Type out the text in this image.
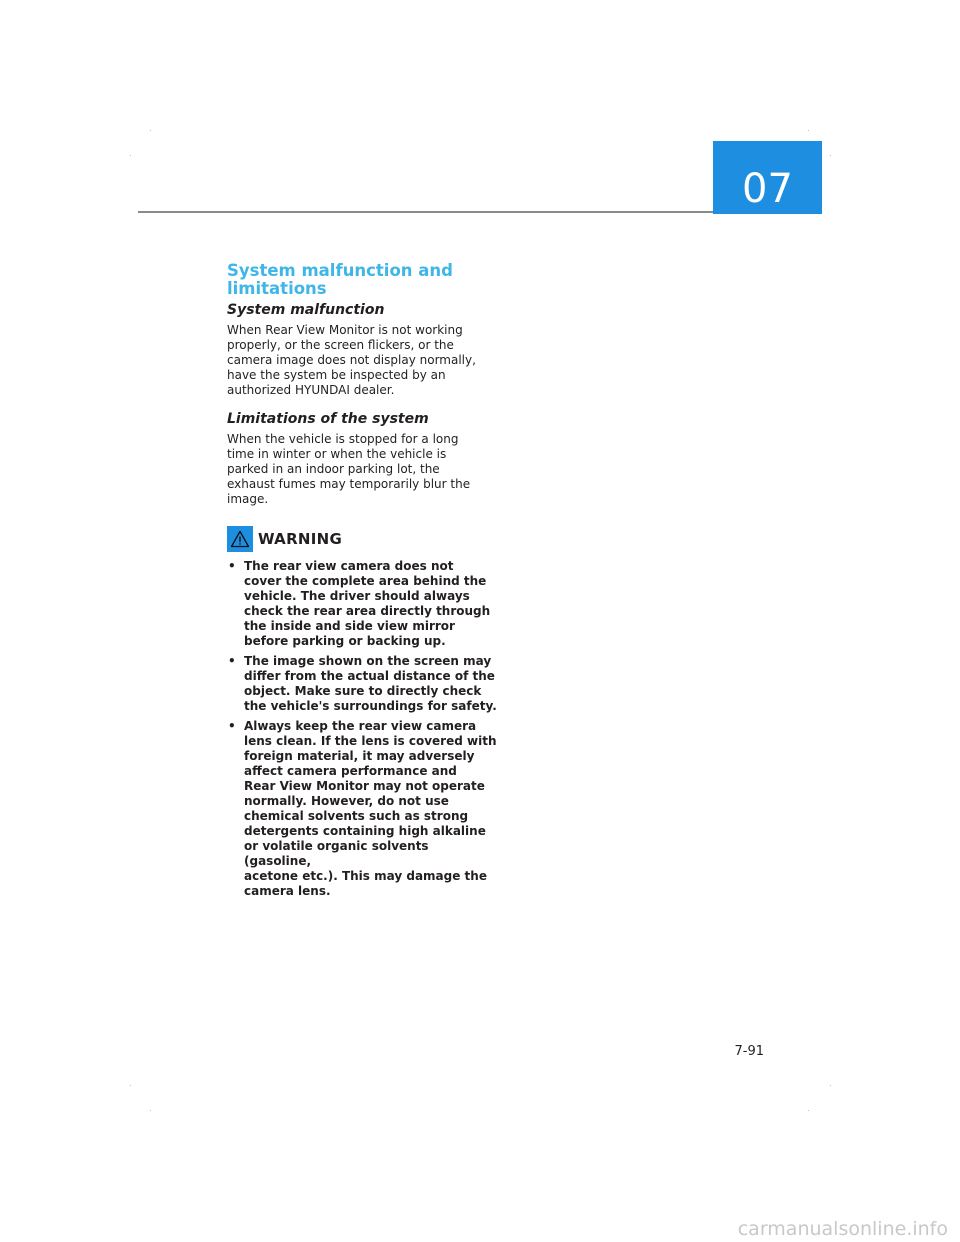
07
System malfunction and
limitations
System malfunction

When Rear View Monitor is not working
properly, or the screen flickers, or the
camera image does not display normally,
have the system be inspected by an
authorized HYUNDAI dealer.

Limitations of the system

When the vehicle is stopped for a long
time in winter or when the vehicle is
parked in an indoor parking lot, the
exhaust fumes may temporarily blur the
image.

WARNING
• The rear view camera does not
cover the complete area behind the
vehicle. The driver should always
check the rear area directly through
the inside and side view mirror
before parking or backing up.
• The image shown on the screen may
differ from the actual distance of the
object. Make sure to directly check
the vehicle's surroundings for safety.
• Always keep the rear view camera
lens clean. If the lens is covered with
foreign material, it may adversely
affect camera performance and
Rear View Monitor may not operate
normally. However, do not use
chemical solvents such as strong
detergents containing high alkaline
or volatile organic solvents (gasoline,
acetone etc.). This may damage the
camera lens.
7-91
carmanualsonline.info
